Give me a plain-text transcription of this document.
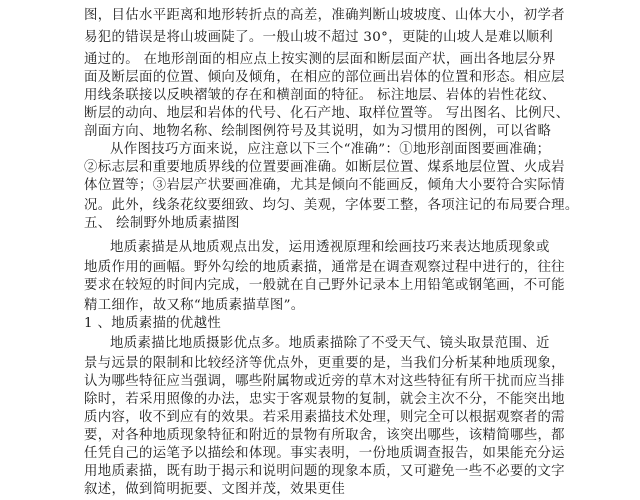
图，目估水平距离和地形转折点的高差，准确判断山坡坡度、山体大小，初学者
易犯的错误是将山坡画陡了。一般山坡不超过 30°，更陡的山坡人是难以顺利
通过的。 在地形剖面的相应点上按实测的层面和断层面产状，画出各地层分界
面及断层面的位置、倾向及倾角，在相应的部位画出岩体的位置和形态。相应层
用线条联接以反映褶皱的存在和横剖面的特征。 标注地层、岩体的岩性花纹、
断层的动向、地层和岩体的代号、化石产地、取样位置等。 写出图名、比例尺、
剖面方向、地物名称、绘制图例符号及其说明，如为习惯用的图例，可以省略
从作图技巧方面来说，应注意以下三个“准确”：①地形剖面图要画准确；
②标志层和重要地质界线的位置要画准确。如断层位置、煤系地层位置、火成岩
体位置等；③岩层产状要画准确，尤其是倾向不能画反，倾角大小要符合实际情
况。此外，线条花纹要细致、均匀、美观，字体要工整，各项注记的布局要合理。
五、 绘制野外地质素描图
地质素描是从地质观点出发，运用透视原理和绘画技巧来表达地质现象或
地质作用的画幅。野外勾绘的地质素描，通常是在调查观察过程中进行的，往往
要求在较短的时间内完成，一般就在自己野外记录本上用铅笔或钢笔画，不可能
精工细作，故又称“地质素描草图”。
1 、地质素描的优越性
地质素描比地质摄影优点多。地质素描除了不受天气、镜头取景范围、近
景与远景的限制和比较经济等优点外，更重要的是，当我们分析某种地质现象，
认为哪些特征应当强调，哪些附属物或近旁的草木对这些特征有所干扰而应当排
除时，若采用照像的办法，忠实于客观景物的复制，就会主次不分，不能突出地
质内容，收不到应有的效果。若采用素描技术处理，则完全可以根据观察者的需
要，对各种地质现象特征和附近的景物有所取舍，该突出哪些，该精简哪些，都
任凭自己的运笔予以描绘和体现。事实表明，一份地质调查报告，如果能充分运
用地质素描，既有助于揭示和说明问题的现象本质，又可避免一些不必要的文字
叙述，做到简明扼要、文图并茂，效果更佳
